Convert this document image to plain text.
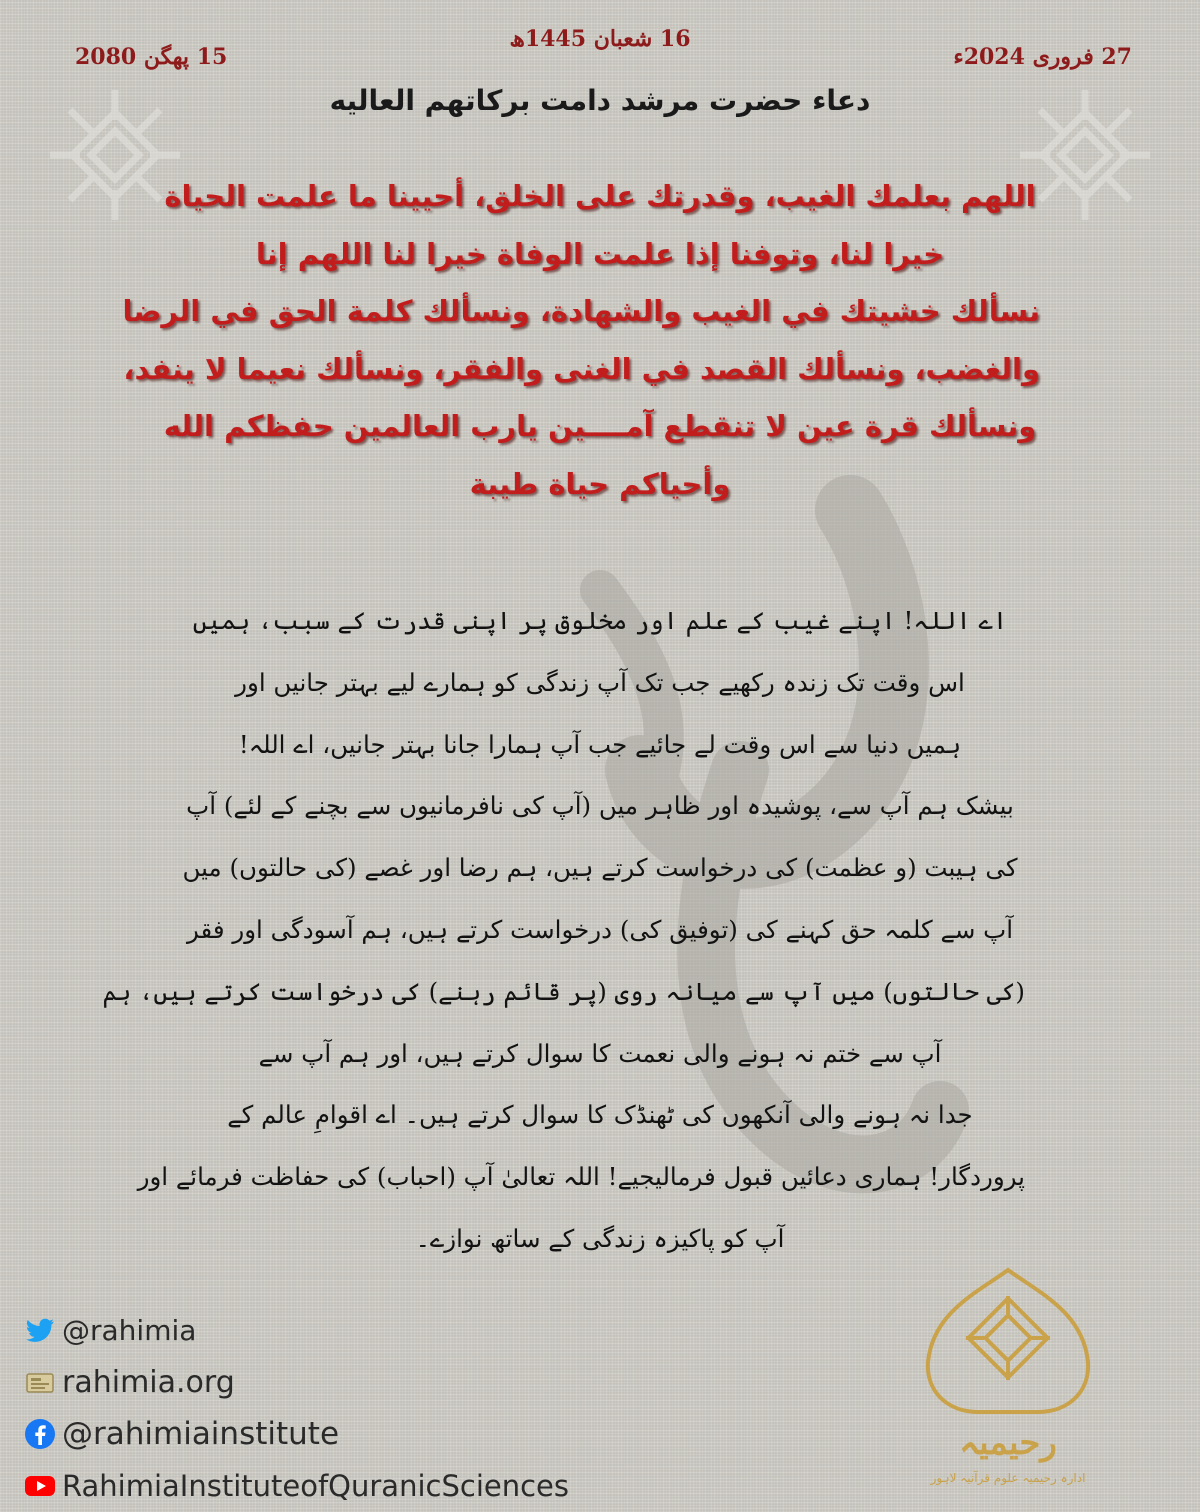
16 شعبان 1445ھ
27 فروری 2024ء
15 پھگن 2080
دعاء حضرت مرشد دامت برکاتهم العالیه
اللهم بعلمك الغيب، وقدرتك على الخلق، أحيينا ما علمت الحياة
خيرا لنا، وتوفنا إذا علمت الوفاة خيرا لنا اللهم إنا
نسألك خشيتك في الغيب والشهادة، ونسألك كلمة الحق في الرضا
والغضب، ونسألك القصد في الغنى والفقر، ونسألك نعيما لا ينفد،
ونسألك قرة عين لا تنقطع آمــــين يارب العالمين حفظكم الله
وأحياكم حياة طيبة
اے اللہ! اپنے غیب کے علم اور مخلوق پر اپنی قدرت کے سبب، ہمیں
اس وقت تک زندہ رکھیے جب تک آپ زندگی کو ہمارے لیے بہتر جانیں اور
ہمیں دنیا سے اس وقت لے جائیے جب آپ ہمارا جانا بہتر جانیں، اے اللہ!
بیشک ہم آپ سے، پوشیدہ اور ظاہر میں (آپ کی نافرمانیوں سے بچنے کے لئے) آپ
کی ہیبت (و عظمت) کی درخواست کرتے ہیں، ہم رضا اور غصے (کی حالتوں) میں
آپ سے کلمہ حق کہنے کی (توفیق کی) درخواست کرتے ہیں، ہم آسودگی اور فقر
(کی حالتوں) میں آپ سے میانہ روی (پر قائم رہنے) کی درخواست کرتے ہیں، ہم
آپ سے ختم نہ ہونے والی نعمت کا سوال کرتے ہیں، اور ہم آپ سے
جدا نہ ہونے والی آنکھوں کی ٹھنڈک کا سوال کرتے ہیں۔ اے اقوامِ عالم کے
پروردگار! ہماری دعائیں قبول فرمالیجیے! اللہ تعالیٰ آپ (احباب) کی حفاظت فرمائے اور
آپ کو پاکیزہ زندگی کے ساتھ نوازے۔
@rahimia
rahimia.org
@rahimiainstitute
RahimiaInstituteofQuranicSciences
رحیمیہ
ادارہ رحیمیہ علوم قرآنیہ لاہور
